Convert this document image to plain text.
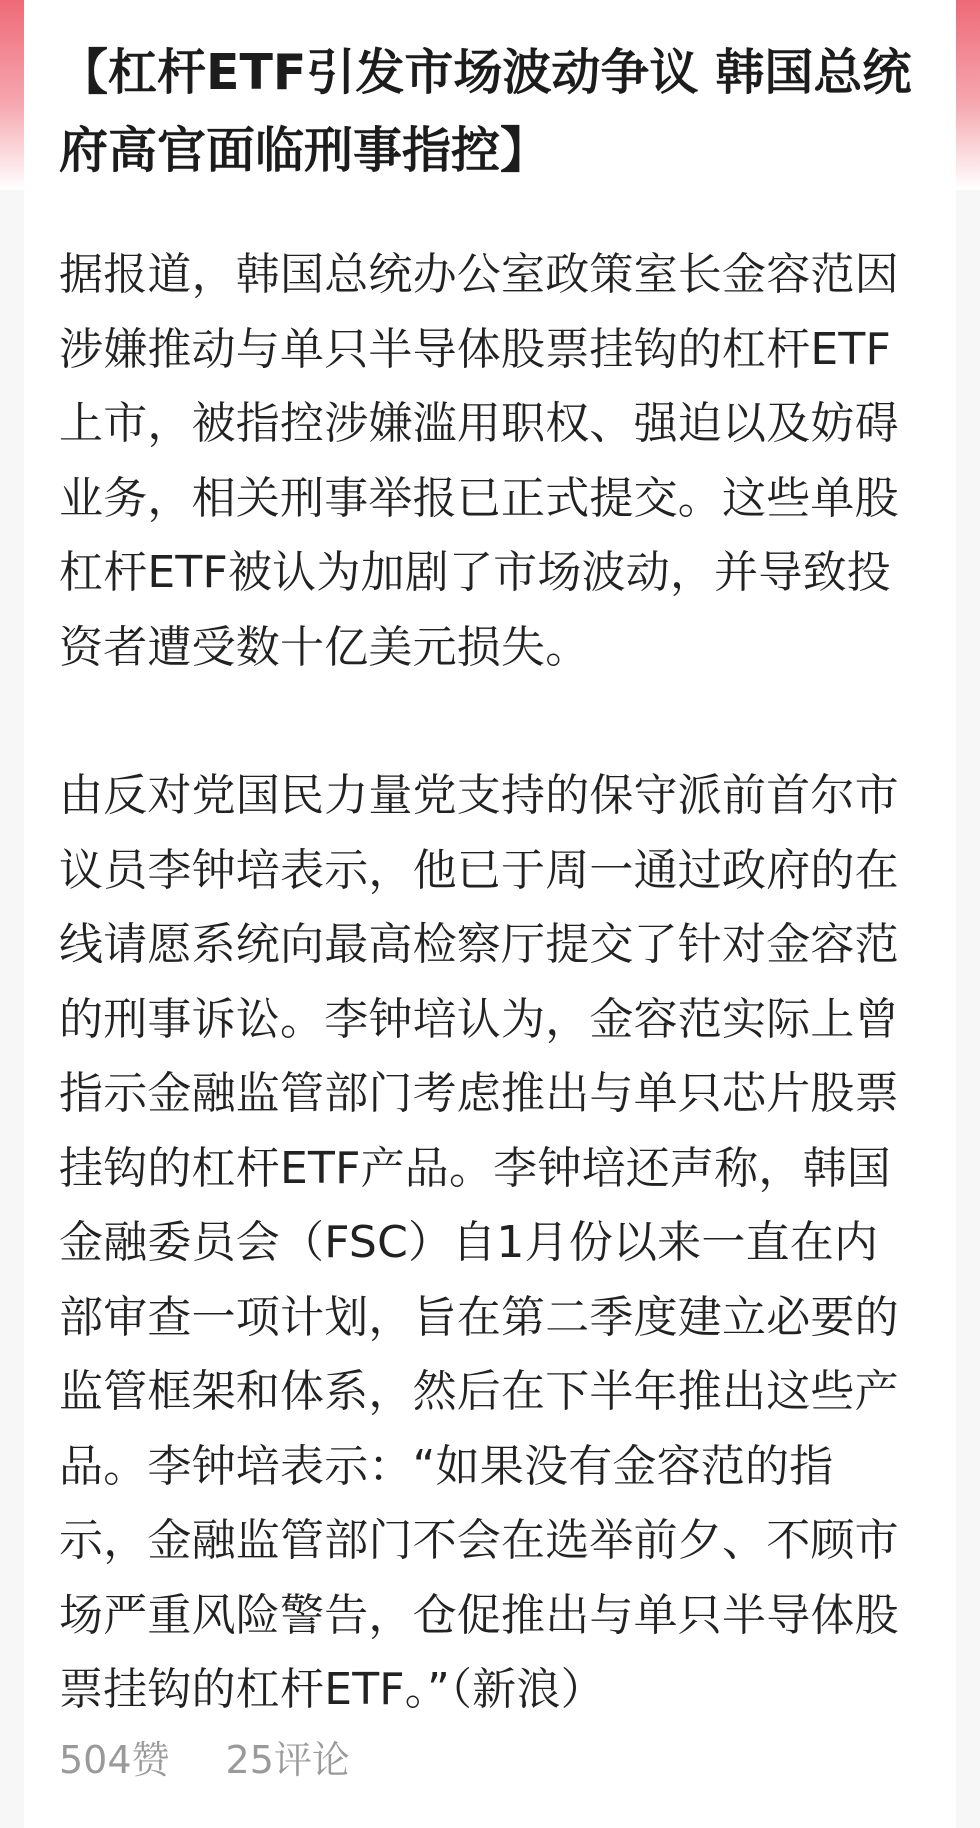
【杠杆ETF引发市场波动争议 韩国总统府高官面临刑事指控】

据报道，韩国总统办公室政策室长金容范因涉嫌推动与单只半导体股票挂钩的杠杆ETF上市，被指控涉嫌滥用职权、强迫以及妨碍业务，相关刑事举报已正式提交。这些单股杠杆ETF被认为加剧了市场波动，并导致投资者遭受数十亿美元损失。

由反对党国民力量党支持的保守派前首尔市议员李钟培表示，他已于周一通过政府的在线请愿系统向最高检察厅提交了针对金容范的刑事诉讼。李钟培认为，金容范实际上曾指示金融监管部门考虑推出与单只芯片股票挂钩的杠杆ETF产品。李钟培还声称，韩国金融委员会（FSC）自1月份以来一直在内部审查一项计划，旨在第二季度建立必要的监管框架和体系，然后在下半年推出这些产品。李钟培表示：“如果没有金容范的指示，金融监管部门不会在选举前夕、不顾市场严重风险警告，仓促推出与单只半导体股票挂钩的杠杆ETF。”（新浪）

504赞 25评论
